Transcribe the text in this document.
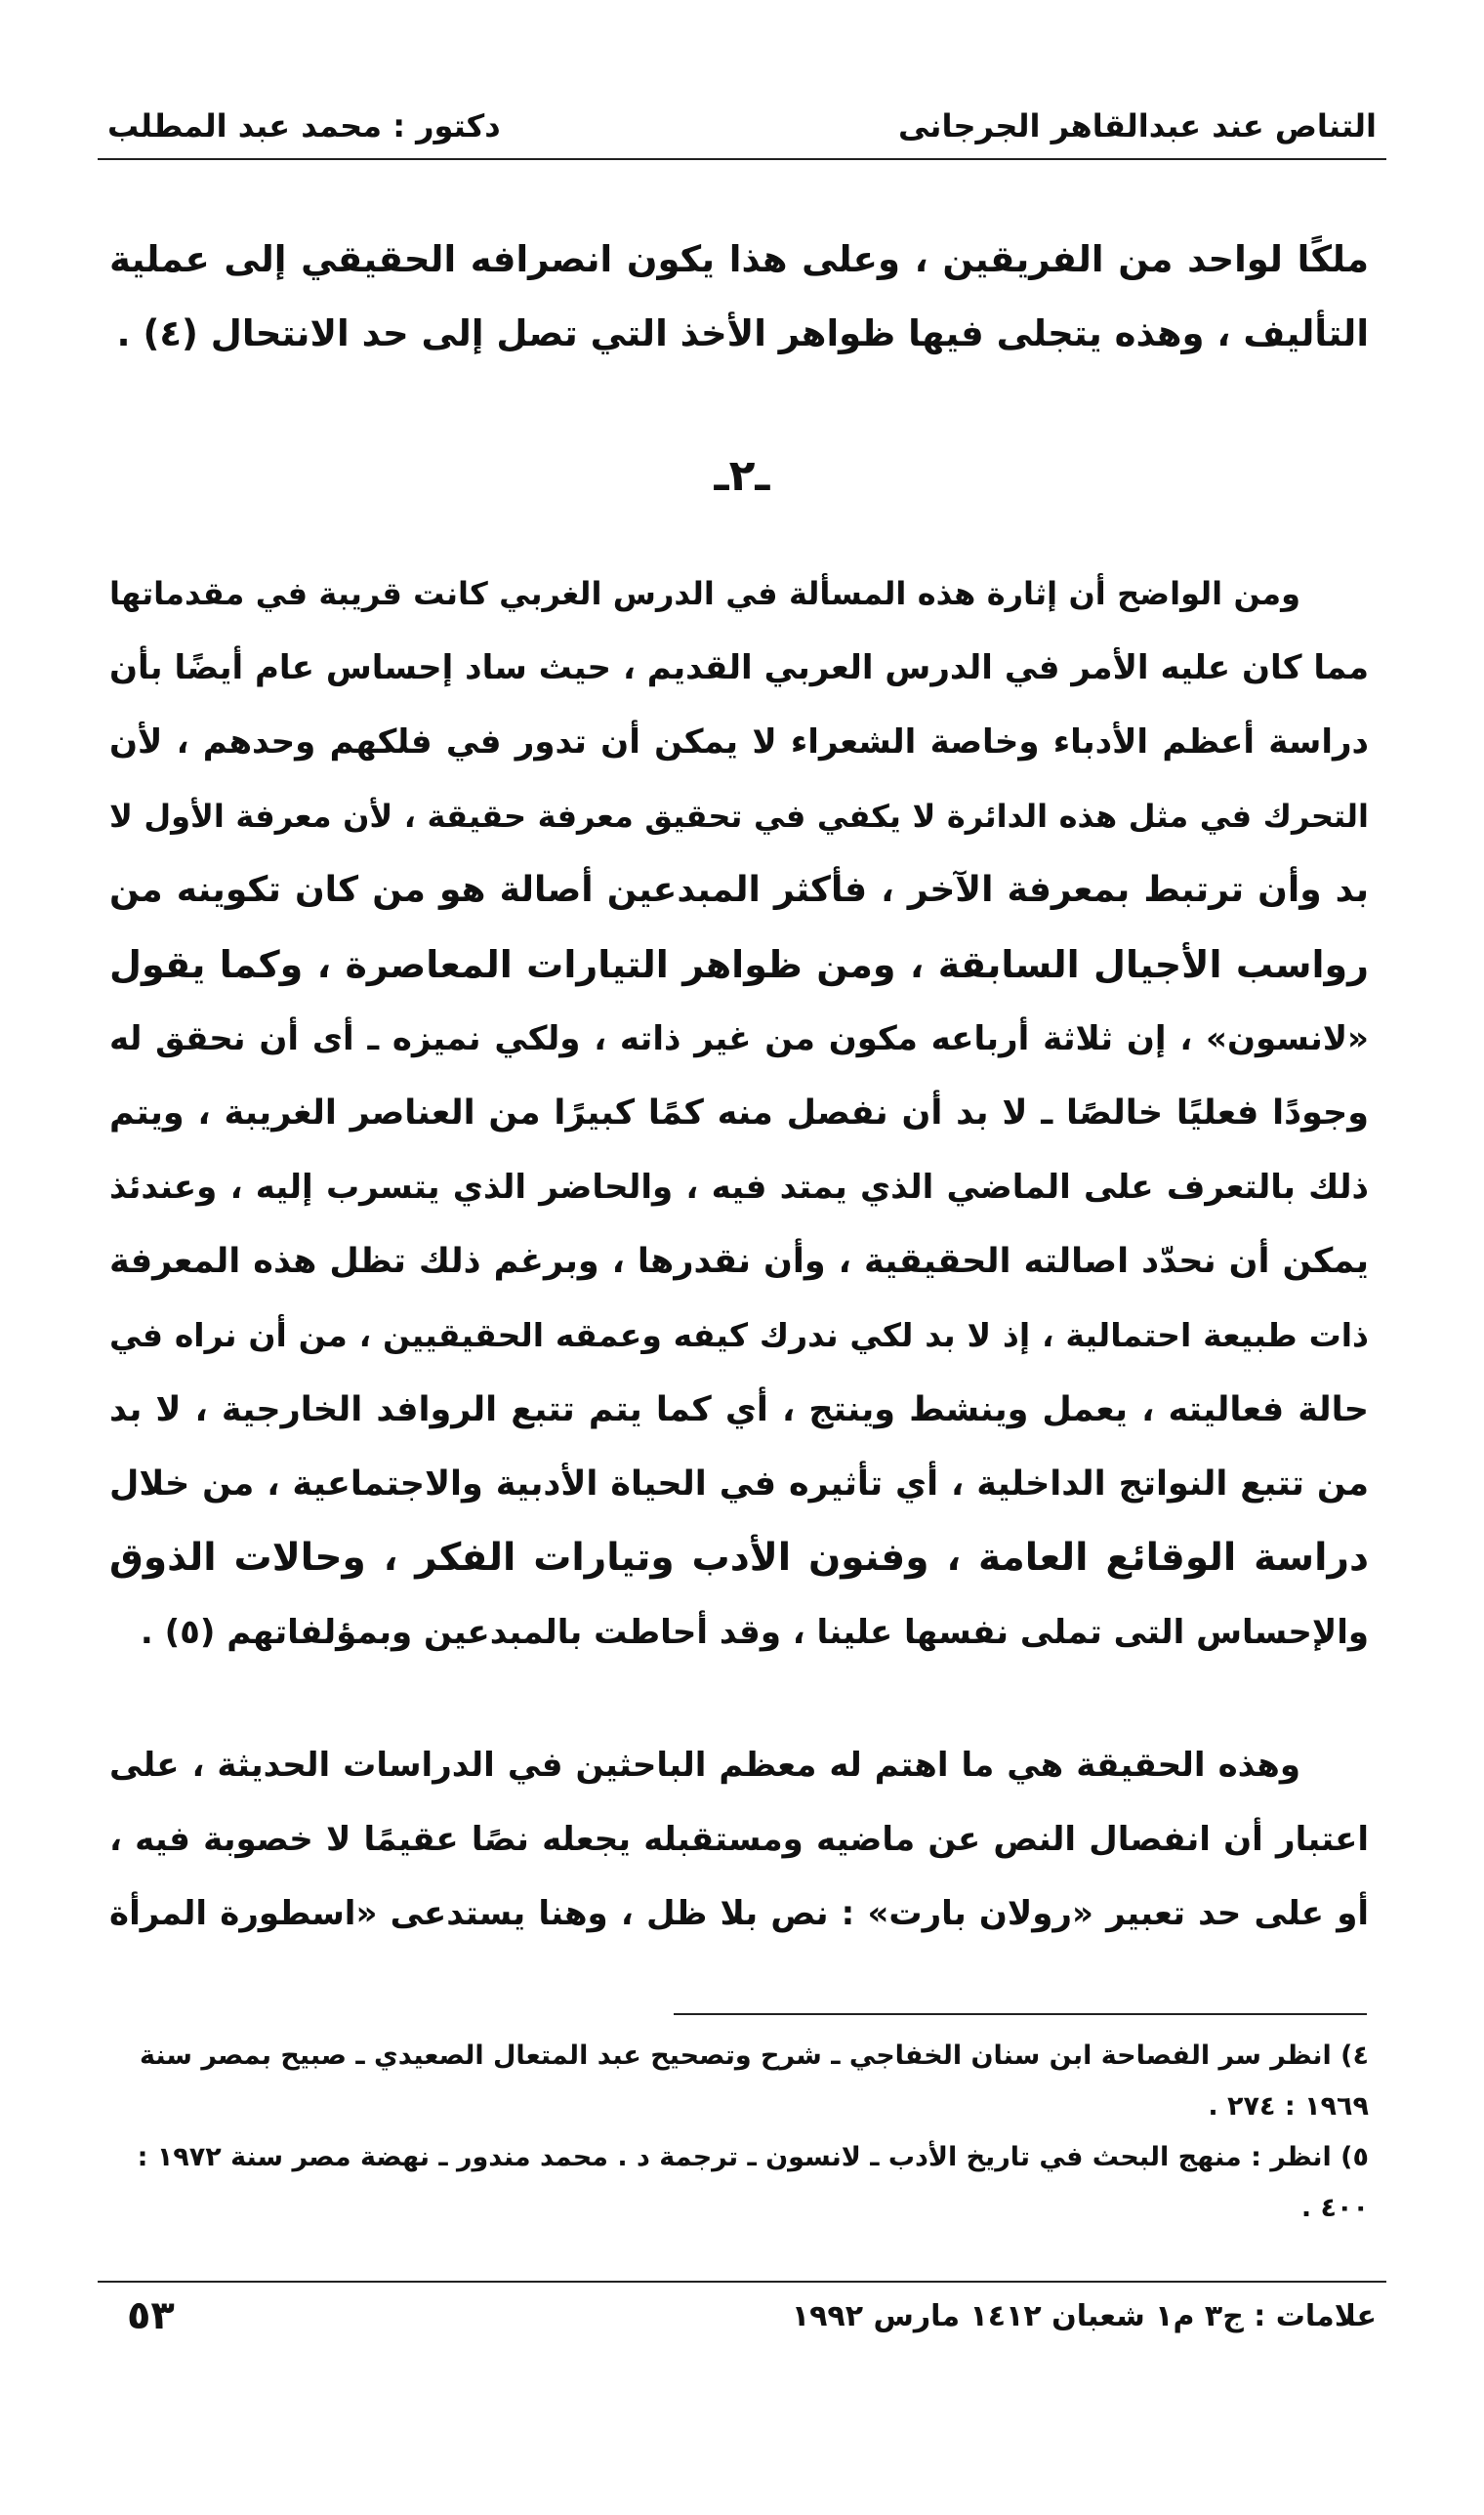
التناص عند عبدالقاهر الجرجانى
دكتور : محمد عبد المطلب
ملكًا لواحد من الفريقين ، وعلى هذا يكون انصرافه الحقيقي إلى عملية
التأليف ، وهذه يتجلى فيها ظواهر الأخذ التي تصل إلى حد الانتحال (٤) .
ـ٢ـ
ومن الواضح أن إثارة هذه المسألة في الدرس الغربي كانت قريبة في مقدماتها
مما كان عليه الأمر في الدرس العربي القديم ، حيث ساد إحساس عام أيضًا بأن
دراسة أعظم الأدباء وخاصة الشعراء لا يمكن أن تدور في فلكهم وحدهم ، لأن
التحرك في مثل هذه الدائرة لا يكفي في تحقيق معرفة حقيقة ، لأن معرفة الأول لا
بد وأن ترتبط بمعرفة الآخر ، فأكثر المبدعين أصالة هو من كان تكوينه من
رواسب الأجيال السابقة ، ومن ظواهر التيارات المعاصرة ، وكما يقول
«لانسون» ، إن ثلاثة أرباعه مكون من غير ذاته ، ولكي نميزه ـ أى أن نحقق له
وجودًا فعليًا خالصًا ـ لا بد أن نفصل منه كمًا كبيرًا من العناصر الغريبة ، ويتم
ذلك بالتعرف على الماضي الذي يمتد فيه ، والحاضر الذي يتسرب إليه ، وعندئذ
يمكن أن نحدّد اصالته الحقيقية ، وأن نقدرها ، وبرغم ذلك تظل هذه المعرفة
ذات طبيعة احتمالية ، إذ لا بد لكي ندرك كيفه وعمقه الحقيقيين ، من أن نراه في
حالة فعاليته ، يعمل وينشط وينتج ، أي كما يتم تتبع الروافد الخارجية ، لا بد
من تتبع النواتج الداخلية ، أي تأثيره في الحياة الأدبية والاجتماعية ، من خلال
دراسة الوقائع العامة ، وفنون الأدب وتيارات الفكر ، وحالات الذوق
والإحساس التى تملى نفسها علينا ، وقد أحاطت بالمبدعين وبمؤلفاتهم (٥) .
وهذه الحقيقة هي ما اهتم له معظم الباحثين في الدراسات الحديثة ، على
اعتبار أن انفصال النص عن ماضيه ومستقبله يجعله نصًا عقيمًا لا خصوبة فيه ،
أو على حد تعبير «رولان بارت» : نص بلا ظل ، وهنا يستدعى «اسطورة المرأة
٤) انظر سر الفصاحة ابن سنان الخفاجي ـ شرح وتصحيح عبد المتعال الصعيدي ـ صبيح بمصر سنة
١٩٦٩ : ٢٧٤ .
٥) انظر : منهج البحث في تاريخ الأدب ـ لانسون ـ ترجمة د . محمد مندور ـ نهضة مصر سنة ١٩٧٢ :
٤٠٠ .
علامات : ج٣ م١ شعبان ١٤١٢ مارس ١٩٩٢
٥٣
